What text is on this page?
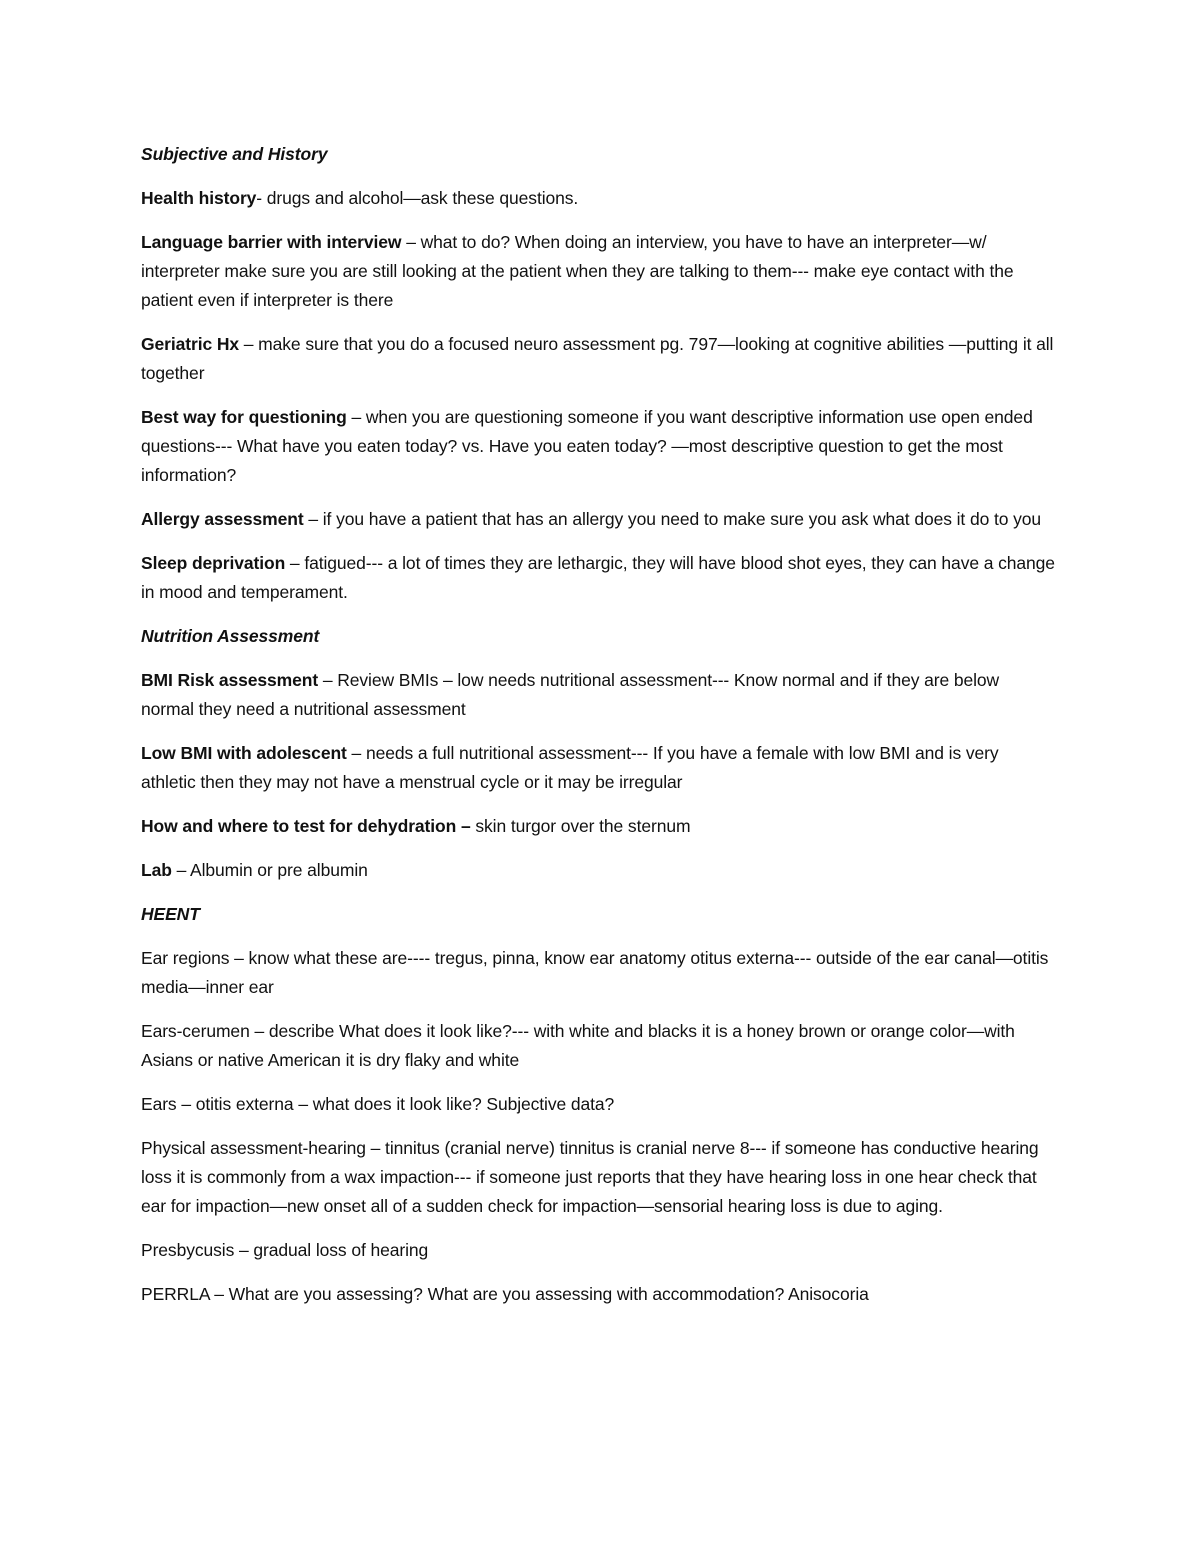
Subjective and History
Health history- drugs and alcohol—ask these questions.
Language barrier with interview – what to do? When doing an interview, you have to have an interpreter—w/ interpreter make sure you are still looking at the patient when they are talking to them--- make eye contact with the patient even if interpreter is there
Geriatric Hx – make sure that you do a focused neuro assessment pg. 797—looking at cognitive abilities —putting it all together
Best way for questioning – when you are questioning someone if you want descriptive information use open ended questions--- What have you eaten today? vs. Have you eaten today? —most descriptive question to get the most information?
Allergy assessment – if you have a patient that has an allergy you need to make sure you ask what does it do to you
Sleep deprivation – fatigued--- a lot of times they are lethargic, they will have blood shot eyes, they can have a change in mood and temperament.
Nutrition Assessment
BMI Risk assessment – Review BMIs – low needs nutritional assessment--- Know normal and if they are below normal they need a nutritional assessment
Low BMI with adolescent – needs a full nutritional assessment--- If you have a female with low BMI and is very athletic then they may not have a menstrual cycle or it may be irregular
How and where to test for dehydration – skin turgor over the sternum
Lab – Albumin or pre albumin
HEENT
Ear regions – know what these are---- tregus, pinna, know ear anatomy otitus externa--- outside of the ear canal—otitis media—inner ear
Ears-cerumen – describe What does it look like?--- with white and blacks it is a honey brown or orange color—with Asians or native American it is dry flaky and white
Ears – otitis externa – what does it look like? Subjective data?
Physical assessment-hearing – tinnitus (cranial nerve) tinnitus is cranial nerve 8--- if someone has conductive hearing loss it is commonly from a wax impaction--- if someone just reports that they have hearing loss in one hear check that ear for impaction—new onset all of a sudden check for impaction—sensorial hearing loss is due to aging.
Presbycusis – gradual loss of hearing
PERRLA – What are you assessing? What are you assessing with accommodation? Anisocoria
